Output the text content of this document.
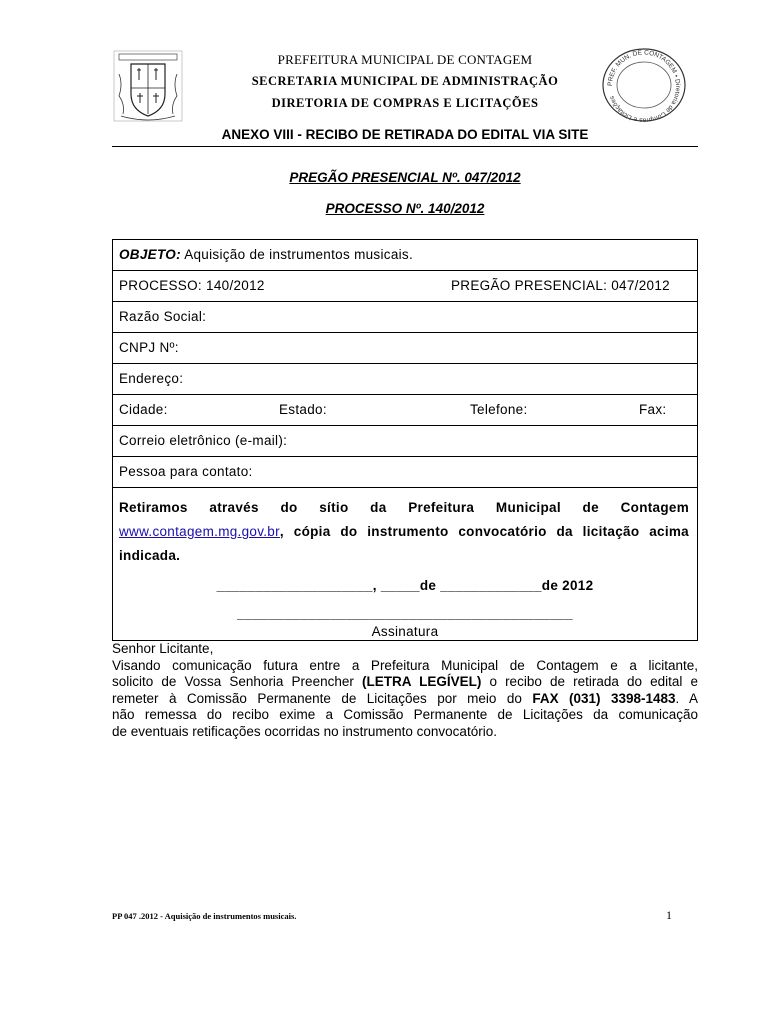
PREFEITURA MUNICIPAL DE CONTAGEM
SECRETARIA MUNICIPAL DE ADMINISTRAÇÃO
DIRETORIA DE COMPRAS E LICITAÇÕES
PREF. MUN. DE CONTAGEM • Diretoria de Compras e Licitações
ANEXO VIII - RECIBO DE RETIRADA DO EDITAL VIA SITE
PREGÃO PRESENCIAL Nº. 047/2012
PROCESSO Nº. 140/2012
OBJETO: Aquisição de instrumentos musicais.
PROCESSO: 140/2012	PREGÃO PRESENCIAL: 047/2012
Razão Social:
CNPJ Nº:
Endereço:
Cidade:	Estado:	Telefone:	Fax:
Correio eletrônico (e-mail):
Pessoa para contato:
Retiramos através do sítio da Prefeitura Municipal de Contagem
www.contagem.mg.gov.br, cópia do instrumento convocatório da licitação acima
indicada.
____________________, _____de _____________de 2012
___________________________________________
Assinatura
Senhor Licitante,
Visando comunicação futura entre a Prefeitura Municipal de Contagem e a licitante,
solicito de Vossa Senhoria Preencher (LETRA LEGÍVEL) o recibo de retirada do edital e
remeter à Comissão Permanente de Licitações por meio do FAX (031) 3398-1483. A
não remessa do recibo exime a Comissão Permanente de Licitações da comunicação
de eventuais retificações ocorridas no instrumento convocatório.
PP 047 .2012 - Aquisição de instrumentos musicais.	1
